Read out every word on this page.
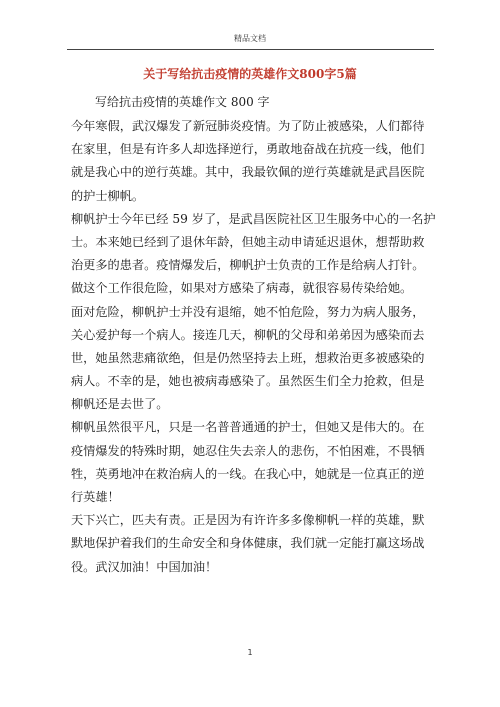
精品文档
关于写给抗击疫情的英雄作文800字5篇
写给抗击疫情的英雄作文 800 字
今年寒假，武汉爆发了新冠肺炎疫情。为了防止被感染，人们都待
在家里，但是有许多人却选择逆行，勇敢地奋战在抗疫一线，他们
就是我心中的逆行英雄。其中，我最钦佩的逆行英雄就是武昌医院
的护士柳帆。
柳帆护士今年已经 59 岁了，是武昌医院社区卫生服务中心的一名护
士。本来她已经到了退休年龄，但她主动申请延迟退休，想帮助救
治更多的患者。疫情爆发后，柳帆护士负责的工作是给病人打针。
做这个工作很危险，如果对方感染了病毒，就很容易传染给她。
面对危险，柳帆护士并没有退缩，她不怕危险，努力为病人服务，
关心爱护每一个病人。接连几天，柳帆的父母和弟弟因为感染而去
世，她虽然悲痛欲绝，但是仍然坚持去上班，想救治更多被感染的
病人。不幸的是，她也被病毒感染了。虽然医生们全力抢救，但是
柳帆还是去世了。
柳帆虽然很平凡，只是一名普普通通的护士，但她又是伟大的。在
疫情爆发的特殊时期，她忍住失去亲人的悲伤，不怕困难，不畏牺
牲，英勇地冲在救治病人的一线。在我心中，她就是一位真正的逆
行英雄！
天下兴亡，匹夫有责。正是因为有许许多多像柳帆一样的英雄，默
默地保护着我们的生命安全和身体健康，我们就一定能打赢这场战
役。武汉加油！中国加油！
1
